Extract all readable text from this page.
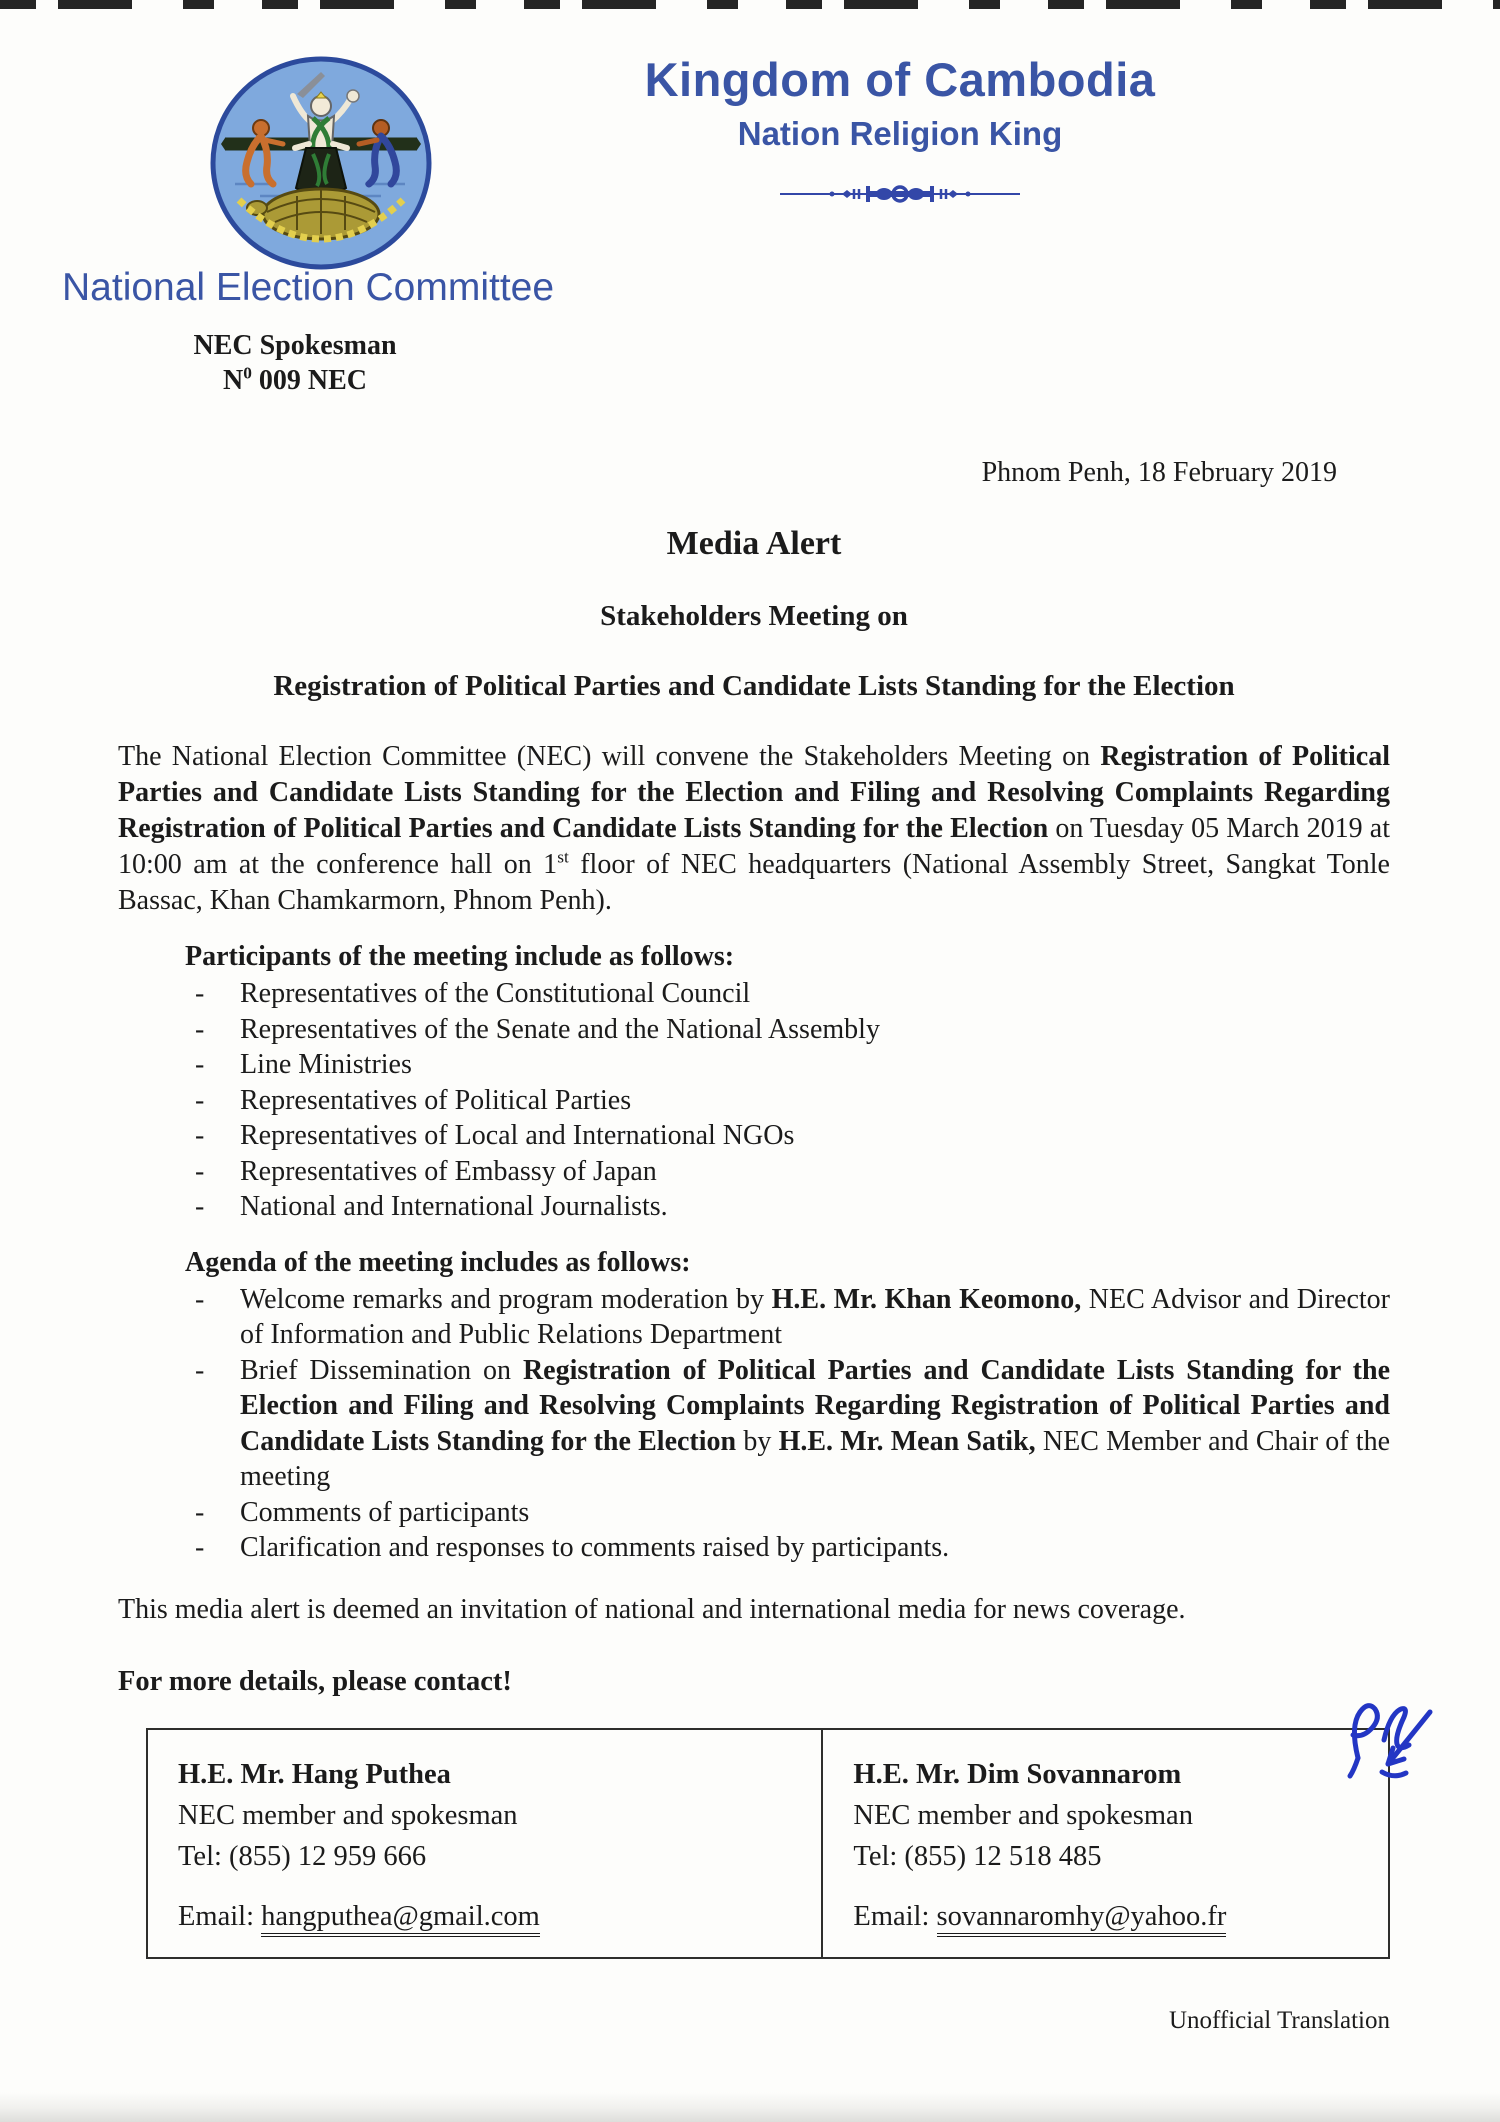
Kingdom of Cambodia
Nation Religion King
National Election Committee
NEC Spokesman
$N^0$ 009 NEC
Phnom Penh, 18 February 2019
Media Alert
Stakeholders Meeting on
Registration of Political Parties and Candidate Lists Standing for the Election

The National Election Committee (NEC) will convene the Stakeholders Meeting on Registration of Political Parties and Candidate Lists Standing for the Election and Filing and Resolving Complaints Regarding Registration of Political Parties and Candidate Lists Standing for the Election on Tuesday 05 March 2019 at 10:00 am at the conference hall on 1st floor of NEC headquarters (National Assembly Street, Sangkat Tonle Bassac, Khan Chamkarmorn, Phnom Penh).

Participants of the meeting include as follows:
-	Representatives of the Constitutional Council
-	Representatives of the Senate and the National Assembly
-	Line Ministries
-	Representatives of Political Parties
-	Representatives of Local and International NGOs
-	Representatives of Embassy of Japan
-	National and International Journalists.
Agenda of the meeting includes as follows:
-	Welcome remarks and program moderation by H.E. Mr. Khan Keomono, NEC Advisor and Director of Information and Public Relations Department
-	Brief Dissemination on Registration of Political Parties and Candidate Lists Standing for the Election and Filing and Resolving Complaints Regarding Registration of Political Parties and Candidate Lists Standing for the Election by H.E. Mr. Mean Satik, NEC Member and Chair of the meeting
-	Comments of participants
-	Clarification and responses to comments raised by participants.

This media alert is deemed an invitation of national and international media for news coverage.

For more details, please contact!

H.E. Mr. Hang Puthea
NEC member and spokesman
Tel: (855) 12 959 666
Email: hangputhea@gmail.com

H.E. Mr. Dim Sovannarom
NEC member and spokesman
Tel: (855) 12 518 485
Email: sovannaromhy@yahoo.fr
Unofficial Translation
